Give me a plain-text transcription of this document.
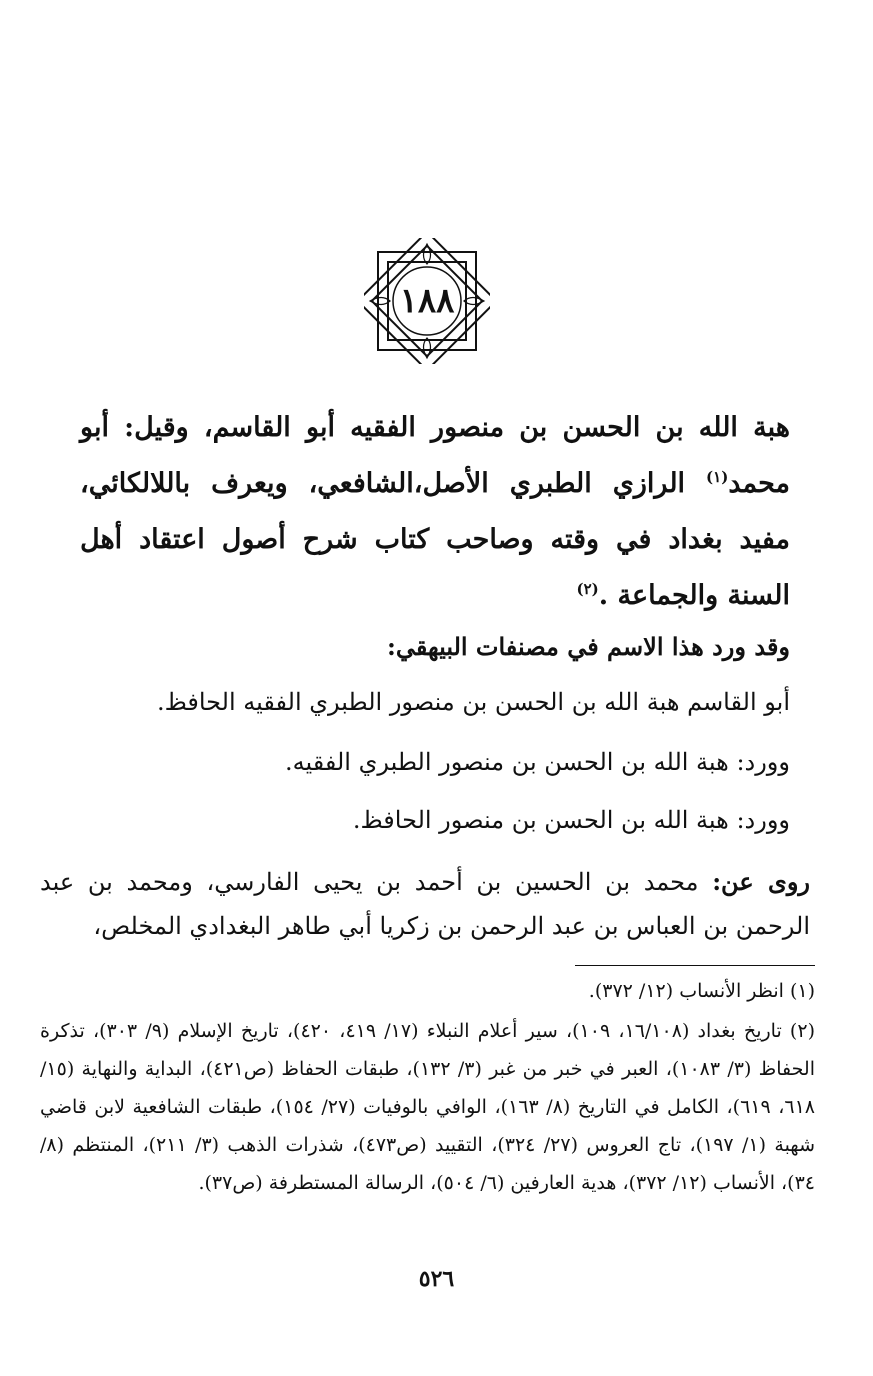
١٨٨
هبة الله بن الحسن بن منصور الفقيه أبو القاسم، وقيل: أبو محمد$^{(١)}$ الرازي الطبري الأصل،الشافعي، ويعرف باللالكائي، مفيد بغداد في وقته وصاحب كتاب شرح أصول اعتقاد أهل السنة والجماعة .$^{(٢)}$
وقد ورد هذا الاسم في مصنفات البيهقي:
أبو القاسم هبة الله بن الحسن بن منصور الطبري الفقيه الحافظ.
وورد: هبة الله بن الحسن بن منصور الطبري الفقيه.
وورد: هبة الله بن الحسن بن منصور الحافظ.
روى عن: محمد بن الحسين بن أحمد بن يحيى الفارسي، ومحمد بن عبد الرحمن بن العباس بن عبد الرحمن بن زكريا أبي طاهر البغدادي المخلص،
(١) انظر الأنساب (١٢/ ٣٧٢).
(٢) تاريخ بغداد (١٦/١٠٨، ١٠٩)، سير أعلام النبلاء (١٧/ ٤١٩، ٤٢٠)، تاريخ الإسلام (٩/ ٣٠٣)، تذكرة الحفاظ (٣/ ١٠٨٣)، العبر في خبر من غبر (٣/ ١٣٢)، طبقات الحفاظ (ص٤٢١)، البداية والنهاية (١٥/ ٦١٨، ٦١٩)، الكامل في التاريخ (٨/ ١٦٣)، الوافي بالوفيات (٢٧/ ١٥٤)، طبقات الشافعية لابن قاضي شهبة (١/ ١٩٧)، تاج العروس (٢٧/ ٣٢٤)، التقييد (ص٤٧٣)، شذرات الذهب (٣/ ٢١١)، المنتظم (٨/ ٣٤)، الأنساب (١٢/ ٣٧٢)، هدية العارفين (٦/ ٥٠٤)، الرسالة المستطرفة (ص٣٧).
٥٢٦
